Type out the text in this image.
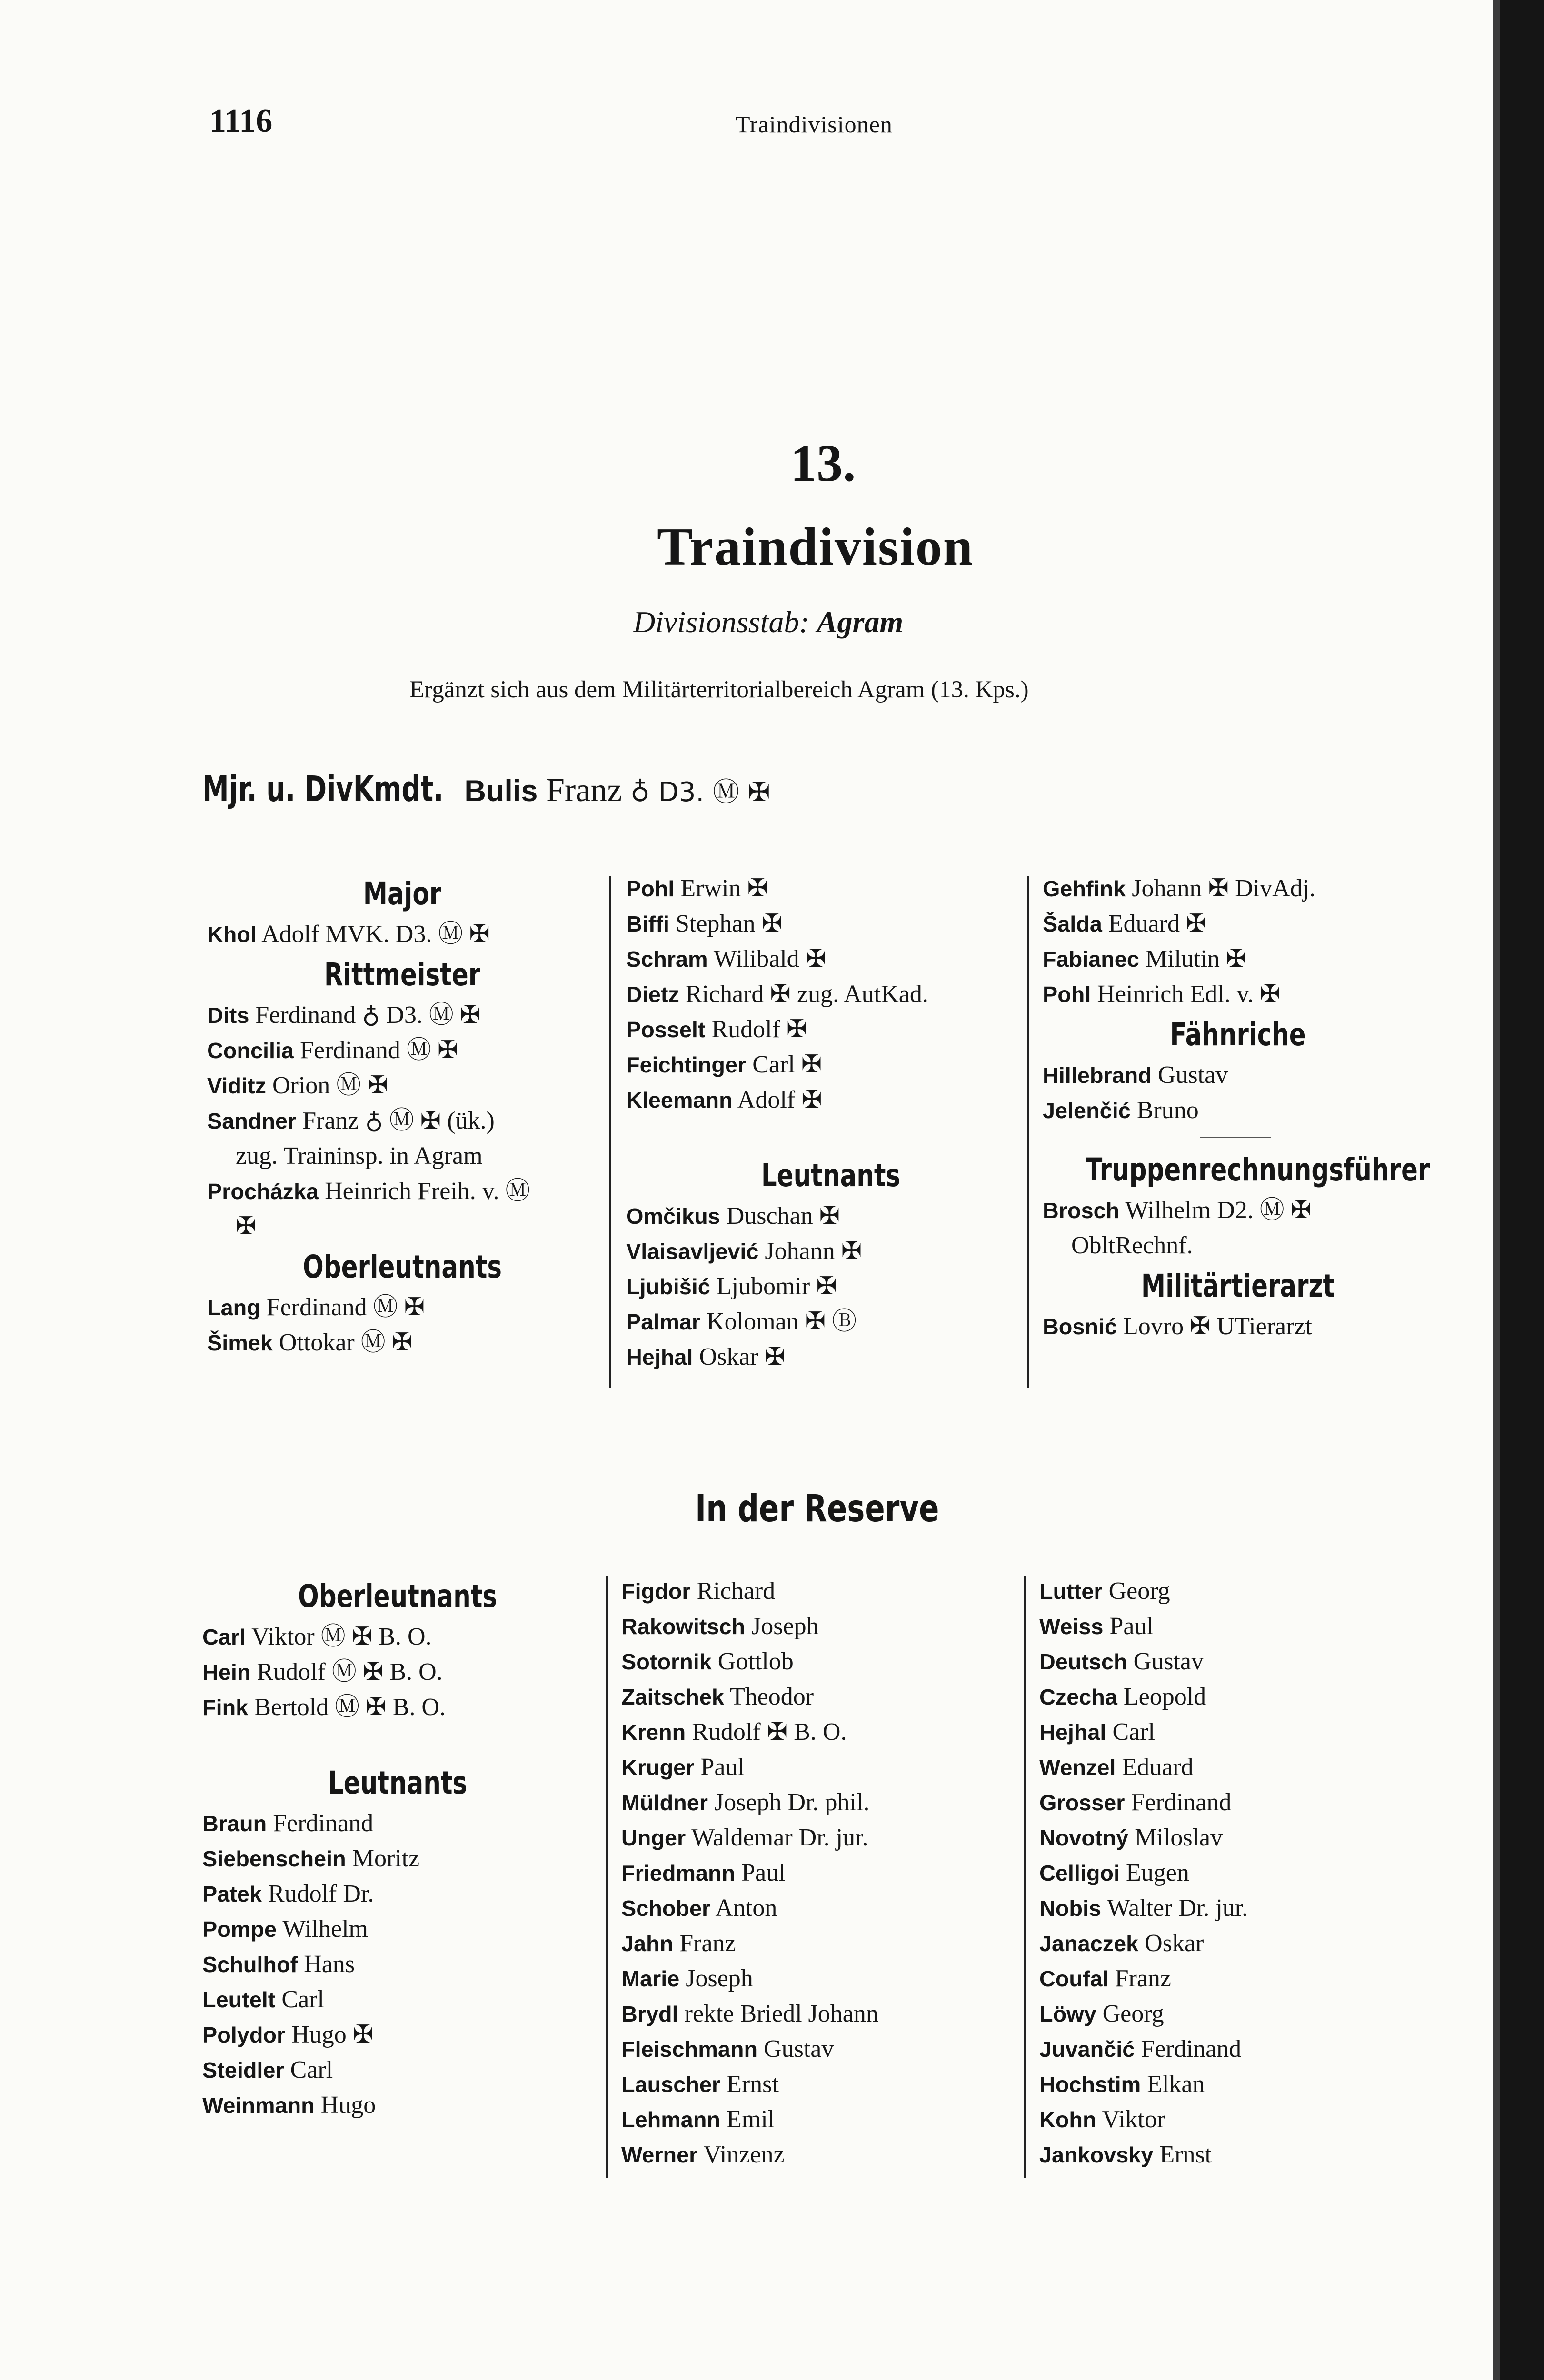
1116	Traindivisionen
13.
Traindivision
Divisionsstab: Agram
Ergänzt sich aus dem Militärterritorialbereich Agram (13. Kps.)
Mjr. u. DivKmdt. Bulis Franz ♁ D3. Ⓜ ✠
Major
Khol Adolf MVK. D3. Ⓜ ✠
Rittmeister
Dits Ferdinand ♁ D3. Ⓜ ✠
Concilia Ferdinand Ⓜ ✠
Viditz Orion Ⓜ ✠
Sandner Franz ♁ Ⓜ ✠ (ük.)
zug. Traininsp. in Agram
Procházka Heinrich Freih. v. Ⓜ
✠
Oberleutnants
Lang Ferdinand Ⓜ ✠
Šimek Ottokar Ⓜ ✠
Pohl Erwin ✠
Biffi Stephan ✠
Schram Wilibald ✠
Dietz Richard ✠ zug. AutKad.
Posselt Rudolf ✠
Feichtinger Carl ✠
Kleemann Adolf ✠
Leutnants
Omčikus Duschan ✠
Vlaisavljević Johann ✠
Ljubišić Ljubomir ✠
Palmar Koloman ✠ Ⓑ
Hejhal Oskar ✠
Gehfink Johann ✠ DivAdj.
Šalda Eduard ✠
Fabianec Milutin ✠
Pohl Heinrich Edl. v. ✠
Fähnriche
Hillebrand Gustav
Jelenčić Bruno
Truppenrechnungsführer
Brosch Wilhelm D2. Ⓜ ✠
ObltRechnf.
Militärtierarzt
Bosnić Lovro ✠ UTierarzt
In der Reserve
Oberleutnants
Carl Viktor Ⓜ ✠ B. O.
Hein Rudolf Ⓜ ✠ B. O.
Fink Bertold Ⓜ ✠ B. O.
Leutnants
Braun Ferdinand
Siebenschein Moritz
Patek Rudolf Dr.
Pompe Wilhelm
Schulhof Hans
Leutelt Carl
Polydor Hugo ✠
Steidler Carl
Weinmann Hugo
Figdor Richard
Rakowitsch Joseph
Sotornik Gottlob
Zaitschek Theodor
Krenn Rudolf ✠ B. O.
Kruger Paul
Müldner Joseph Dr. phil.
Unger Waldemar Dr. jur.
Friedmann Paul
Schober Anton
Jahn Franz
Marie Joseph
Brydl rekte Briedl Johann
Fleischmann Gustav
Lauscher Ernst
Lehmann Emil
Werner Vinzenz
Lutter Georg
Weiss Paul
Deutsch Gustav
Czecha Leopold
Hejhal Carl
Wenzel Eduard
Grosser Ferdinand
Novotný Miloslav
Celligoi Eugen
Nobis Walter Dr. jur.
Janaczek Oskar
Coufal Franz
Löwy Georg
Juvančić Ferdinand
Hochstim Elkan
Kohn Viktor
Jankovsky Ernst
